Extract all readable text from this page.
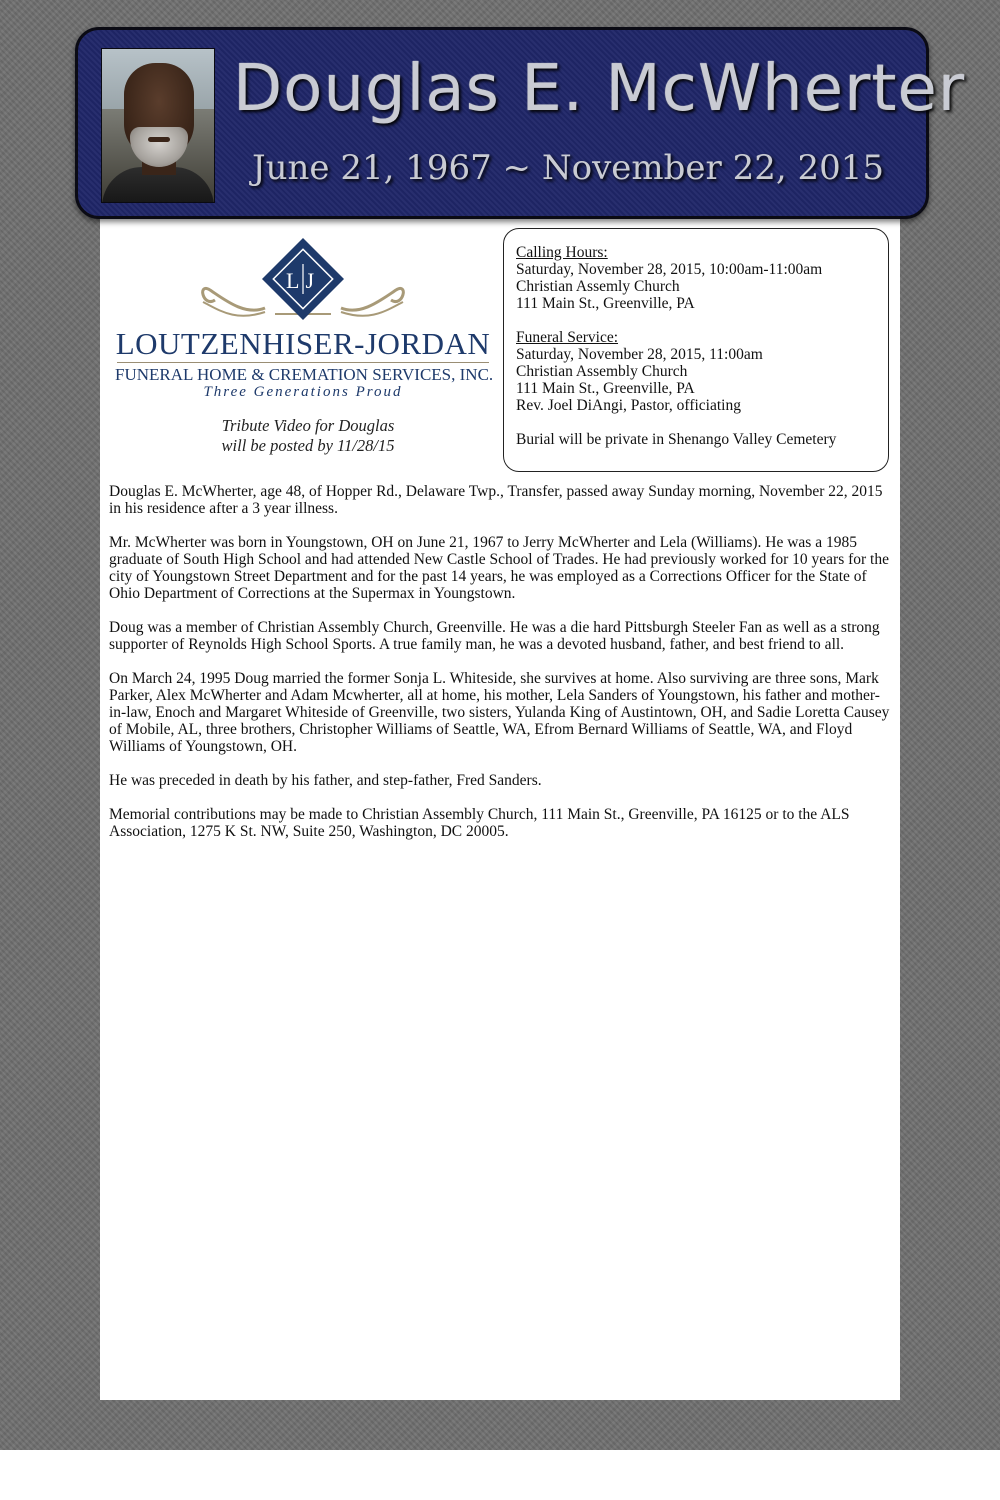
Douglas E. McWherter
June 21, 1967 ~ November 22, 2015
LJ
LOUTZENHISER-JORDAN
FUNERAL HOME & CREMATION SERVICES, INC.
Three Generations Proud
Tribute Video for Douglas
will be posted by 11/28/15
Calling Hours:
Saturday, November 28, 2015, 10:00am-11:00am
Christian Assemly Church
111 Main St., Greenville, PA
Funeral Service:
Saturday, November 28, 2015, 11:00am
Christian Assembly Church
111 Main St., Greenville, PA
Rev. Joel DiAngi, Pastor, officiating
Burial will be private in Shenango Valley Cemetery

Douglas E. McWherter, age 48, of Hopper Rd., Delaware Twp., Transfer, passed away Sunday morning, November 22, 2015 in his residence after a 3 year illness.

Mr. McWherter was born in Youngstown, OH on June 21, 1967 to Jerry McWherter and Lela (Williams). He was a 1985 graduate of South High School and had attended New Castle School of Trades. He had previously worked for 10 years for the city of Youngstown Street Department and for the past 14 years, he was employed as a Corrections Officer for the State of Ohio Department of Corrections at the Supermax in Youngstown.

Doug was a member of Christian Assembly Church, Greenville. He was a die hard Pittsburgh Steeler Fan as well as a strong supporter of Reynolds High School Sports. A true family man, he was a devoted husband, father, and best friend to all.

On March 24, 1995 Doug married the former Sonja L. Whiteside, she survives at home. Also surviving are three sons, Mark Parker, Alex McWherter and Adam Mcwherter, all at home, his mother, Lela Sanders of Youngstown, his father and mother-in-law, Enoch and Margaret Whiteside of Greenville, two sisters, Yulanda King of Austintown, OH, and Sadie Loretta Causey of Mobile, AL, three brothers, Christopher Williams of Seattle, WA, Efrom Bernard Williams of Seattle, WA, and Floyd Williams of Youngstown, OH.

He was preceded in death by his father, and step-father, Fred Sanders.

Memorial contributions may be made to Christian Assembly Church, 111 Main St., Greenville, PA 16125 or to the ALS Association, 1275 K St. NW, Suite 250, Washington, DC 20005.
